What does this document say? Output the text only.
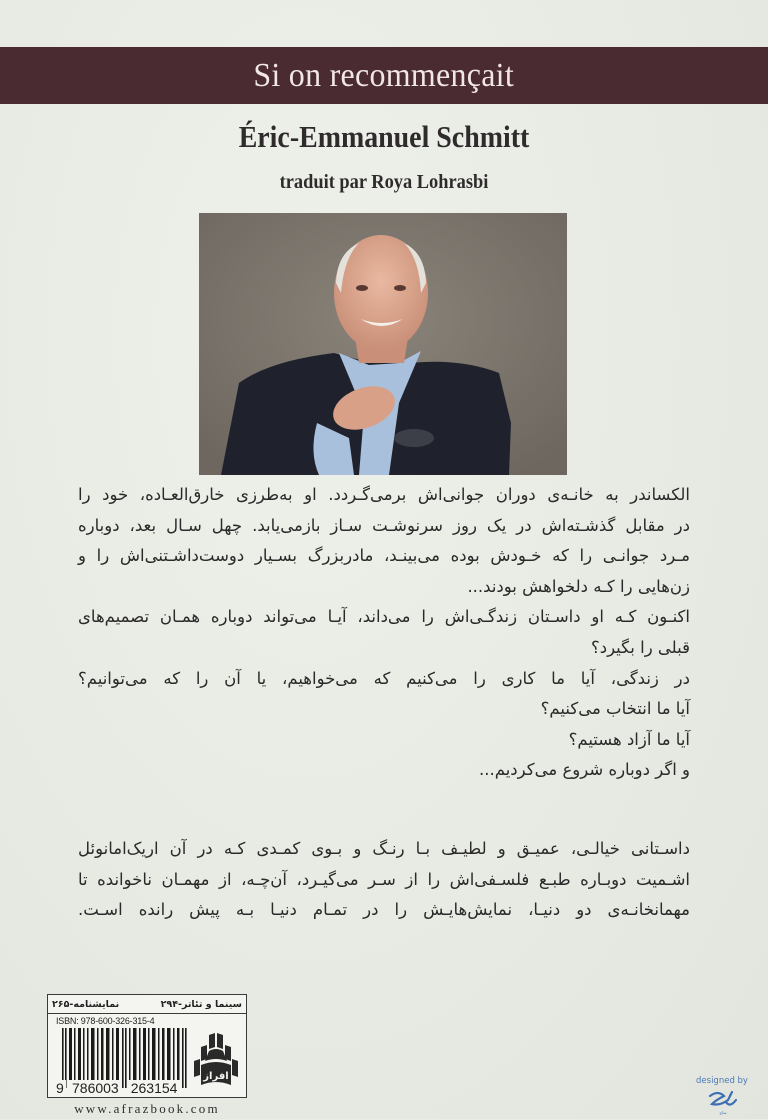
Si on recommençait
Éric-Emmanuel Schmitt
traduit par Roya Lohrasbi
الکساندر به خانـه‌ی دوران جوانی‌اش برمی‌گـردد. او به‌طرزی خارق‌العـاده، خود را
در مقابل گذشـته‌اش در یک روز سرنوشـت سـاز بازمی‌یابد. چهل سـال بعد، دوباره
مـرد جوانـی را که خـودش بوده می‌بینـد، مادربزرگ بسـیار دوست‌داشـتنی‌اش را و
زن‌هایی را کـه دلخواهش بودند...
اکنـون کـه او داسـتان زندگـی‌اش را می‌داند، آیـا می‌تواند دوباره همـان تصمیم‌های
قبلی را بگیرد؟
در زندگی، آیا ما کاری را می‌کنیم که می‌خواهیم، یا آن را که می‌توانیم؟
آیا ما انتخاب می‌کنیم؟
آیا ما آزاد هستیم؟
و اگر دوباره شروع می‌کردیم...
داسـتانی خیالـی، عمیـق و لطیـف بـا رنـگ و بـوی کمـدی کـه در آن اریک‌امانوئل
اشـمیت دوبـاره طبـع فلسـفی‌اش را از سـر می‌گیـرد، آن‌چـه، از مهمـان ناخوانده تا
مهمانخانـه‌ی دو دنیـا، نمایش‌هایـش را در تمـام دنیـا بـه پیش رانده اسـت.
سینما و تئاتر-۲۹۴
نمایشنامه-۲۶۵
ISBN: 978-600-326-315-4
9 786003 263154
افراز
www.afrazbook.com
designed by
ساج
